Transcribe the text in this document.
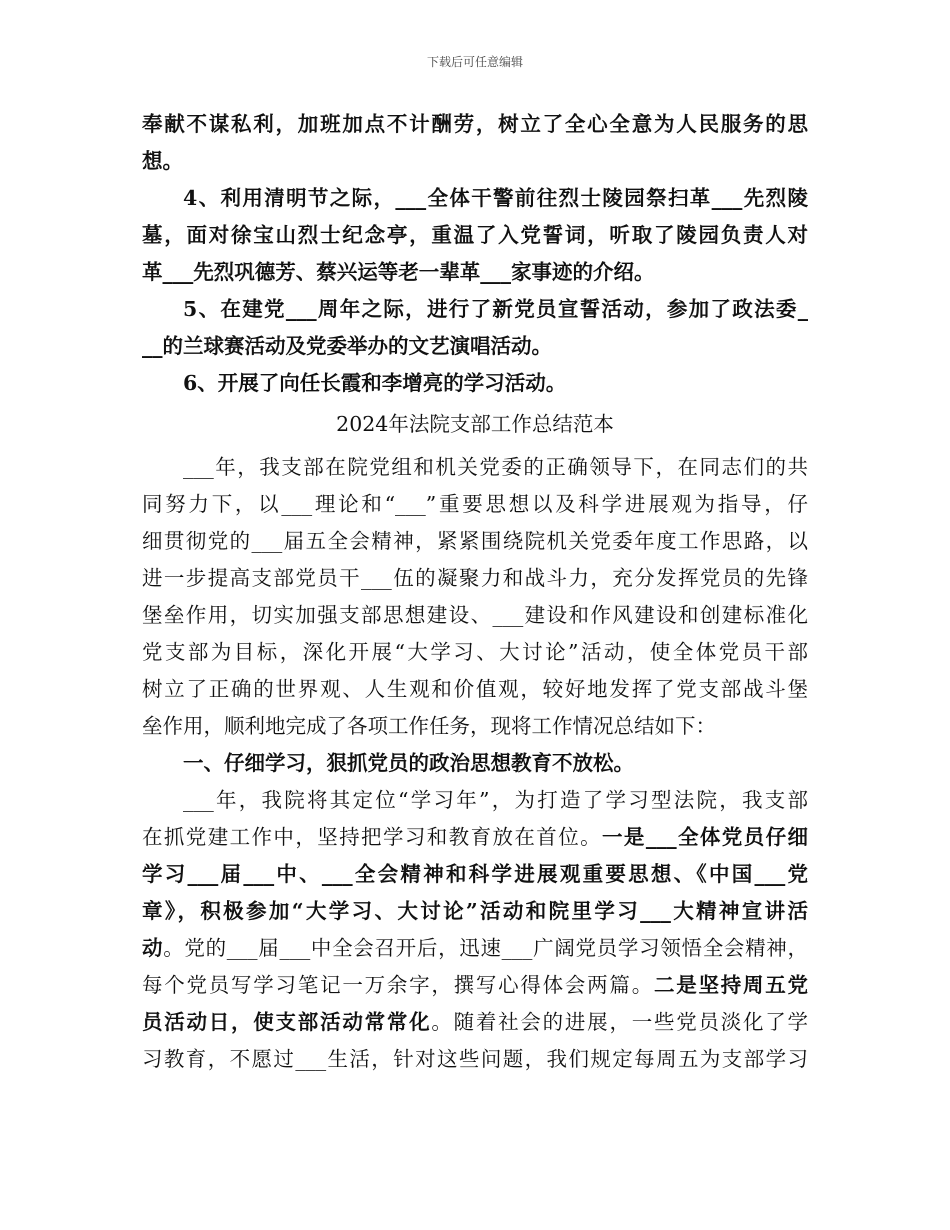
下载后可任意编辑
奉献不谋私利，加班加点不计酬劳，树立了全心全意为人民服务的思
想。
4、利用清明节之际，___全体干警前往烈士陵园祭扫革___先烈陵
墓，面对徐宝山烈士纪念亭，重温了入党誓词，听取了陵园负责人对
革___先烈巩德芳、蔡兴运等老一辈革___家事迹的介绍。
5、在建党___周年之际，进行了新党员宣誓活动，参加了政法委_
__的兰球赛活动及党委举办的文艺演唱活动。
6、开展了向任长霞和李增亮的学习活动。
2024年法院支部工作总结范本
___年，我支部在院党组和机关党委的正确领导下，在同志们的共
同努力下，以___理论和“___”重要思想以及科学进展观为指导，仔
细贯彻党的___届五全会精神，紧紧围绕院机关党委年度工作思路，以
进一步提高支部党员干___伍的凝聚力和战斗力，充分发挥党员的先锋
堡垒作用，切实加强支部思想建设、___建设和作风建设和创建标准化
党支部为目标，深化开展“大学习、大讨论”活动，使全体党员干部
树立了正确的世界观、人生观和价值观，较好地发挥了党支部战斗堡
垒作用，顺利地完成了各项工作任务，现将工作情况总结如下：
一、仔细学习，狠抓党员的政治思想教育不放松。
___年，我院将其定位“学习年”，为打造了学习型法院，我支部
在抓党建工作中，坚持把学习和教育放在首位。一是___全体党员仔细
学习___届___中、___全会精神和科学进展观重要思想、《中国___党
章》，积极参加“大学习、大讨论”活动和院里学习___大精神宣讲活
动。党的___届___中全会召开后，迅速___广阔党员学习领悟全会精神，
每个党员写学习笔记一万余字，撰写心得体会两篇。二是坚持周五党
员活动日，使支部活动常常化。随着社会的进展，一些党员淡化了学
习教育，不愿过___生活，针对这些问题，我们规定每周五为支部学习
